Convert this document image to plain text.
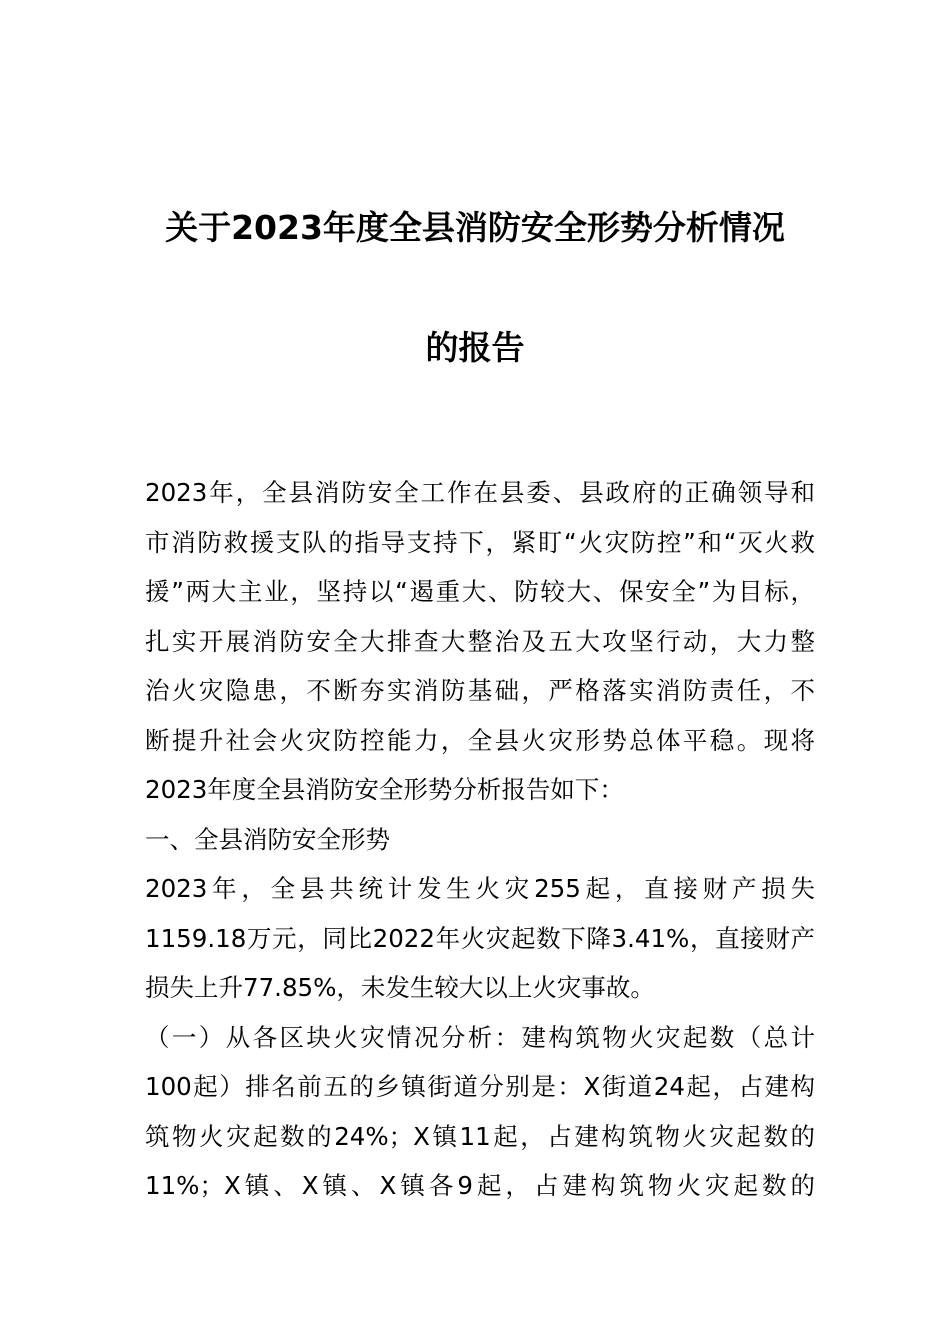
关于2023年度全县消防安全形势分析情况
的报告
2023年，全县消防安全工作在县委、县政府的正确领导和
市消防救援支队的指导支持下，紧盯“火灾防控”和“灭火救
援”两大主业，坚持以“遏重大、防较大、保安全”为目标，
扎实开展消防安全大排查大整治及五大攻坚行动，大力整
治火灾隐患，不断夯实消防基础，严格落实消防责任，不
断提升社会火灾防控能力，全县火灾形势总体平稳。现将
2023年度全县消防安全形势分析报告如下：
一、全县消防安全形势
2023年，全县共统计发生火灾255起，直接财产损失
1159.18万元，同比2022年火灾起数下降3.41%，直接财产
损失上升77.85%，未发生较大以上火灾事故。
（一）从各区块火灾情况分析：建构筑物火灾起数（总计
100起）排名前五的乡镇街道分别是：X街道24起，占建构
筑物火灾起数的24%；X镇11起，占建构筑物火灾起数的
11%；X镇、X镇、X镇各9起，占建构筑物火灾起数的
